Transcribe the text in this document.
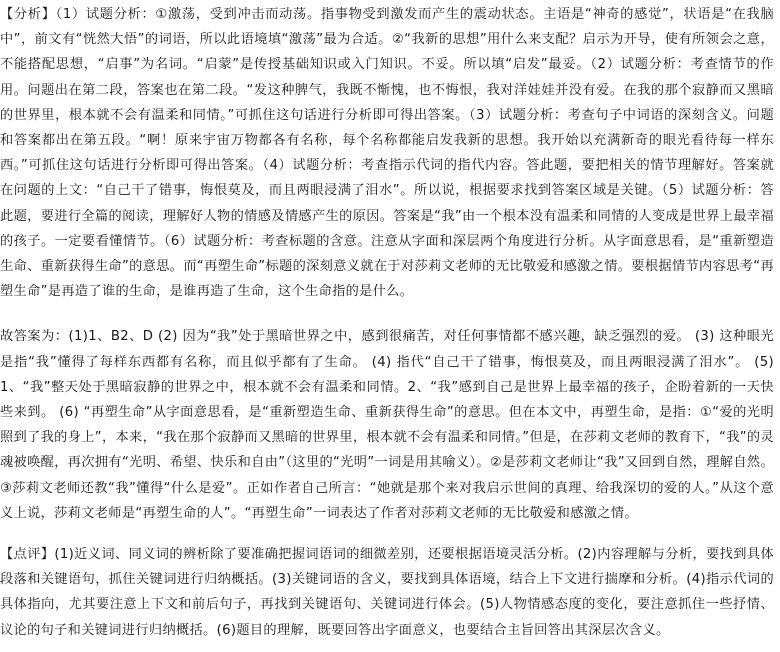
【分析】（1）试题分析：①激荡，受到冲击而动荡。指事物受到激发而产生的震动状态。主语是“神奇的感觉”，状语是“在我脑中”，前文有“恍然大悟”的词语，所以此语境填“激荡”最为合适。②“我新的思想”用什么来支配？启示为开导，使有所领会之意，不能搭配思想，“启事”为名词。“启蒙”是传授基础知识或入门知识。不妥。所以填“启发”最妥。（2）试题分析：考查情节的作用。问题出在第二段，答案也在第二段。“发这种脾气，我既不惭愧，也不悔恨，我对洋娃娃并没有爱。在我的那个寂静而又黑暗的世界里，根本就不会有温柔和同情。”可抓住这句话进行分析即可得出答案。（3）试题分析：考查句子中词语的深刻含义。问题和答案都出在第五段。“啊！原来宇宙万物都各有名称，每个名称都能启发我新的思想。我开始以充满新奇的眼光看待每一样东西。”可抓住这句话进行分析即可得出答案。（4）试题分析：考查指示代词的指代内容。答此题，要把相关的情节理解好。答案就在问题的上文：“自己干了错事，悔恨莫及，而且两眼浸满了泪水”。所以说，根据要求找到答案区域是关键。（5）试题分析：答此题，要进行全篇的阅读，理解好人物的情感及情感产生的原因。答案是“我”由一个根本没有温柔和同情的人变成是世界上最幸福的孩子。一定要看懂情节。（6）试题分析：考查标题的含意。注意从字面和深层两个角度进行分析。从字面意思看，是“重新塑造生命、重新获得生命”的意思。而“再塑生命”标题的深刻意义就在于对莎莉文老师的无比敬爱和感激之情。要根据情节内容思考“再塑生命”是再造了谁的生命，是谁再造了生命，这个生命指的是什么。

故答案为：(1)1、B2、D (2) 因为“我”处于黑暗世界之中，感到很痛苦，对任何事情都不感兴趣，缺乏强烈的爱。 (3) 这种眼光是指“我”懂得了每样东西都有名称，而且似乎都有了生命。 (4) 指代“自己干了错事，悔恨莫及，而且两眼浸满了泪水”。 (5)1、“我”整天处于黑暗寂静的世界之中，根本就不会有温柔和同情。2、“我”感到自己是世界上最幸福的孩子，企盼着新的一天快些来到。 (6) “再塑生命”从字面意思看，是“重新塑造生命、重新获得生命”的意思。但在本文中，再塑生命，是指：①“爱的光明照到了我的身上”，本来，“我在那个寂静而又黑暗的世界里，根本就不会有温柔和同情。”但是，在莎莉文老师的教育下，“我”的灵魂被唤醒，再次拥有“光明、希望、快乐和自由”（这里的“光明”一词是用其喻义）。②是莎莉文老师让“我”又回到自然，理解自然。③莎莉文老师还教“我”懂得“什么是爱”。正如作者自己所言：“她就是那个来对我启示世间的真理、给我深切的爱的人。”从这个意义上说，莎莉文老师是“再塑生命的人”。“再塑生命”一词表达了作者对莎莉文老师的无比敬爱和感激之情。

【点评】(1)近义词、同义词的辨析除了要准确把握词语词的细微差别，还要根据语境灵活分析。(2)内容理解与分析，要找到具体段落和关键语句，抓住关键词进行归纳概括。(3)关键词语的含义，要找到具体语境，结合上下文进行揣摩和分析。(4)指示代词的具体指向，尤其要注意上下文和前后句子，再找到关键语句、关键词进行体会。(5)人物情感态度的变化，要注意抓住一些抒情、议论的句子和关键词进行归纳概括。(6)题目的理解，既要回答出字面意义，也要结合主旨回答出其深层次含义。
